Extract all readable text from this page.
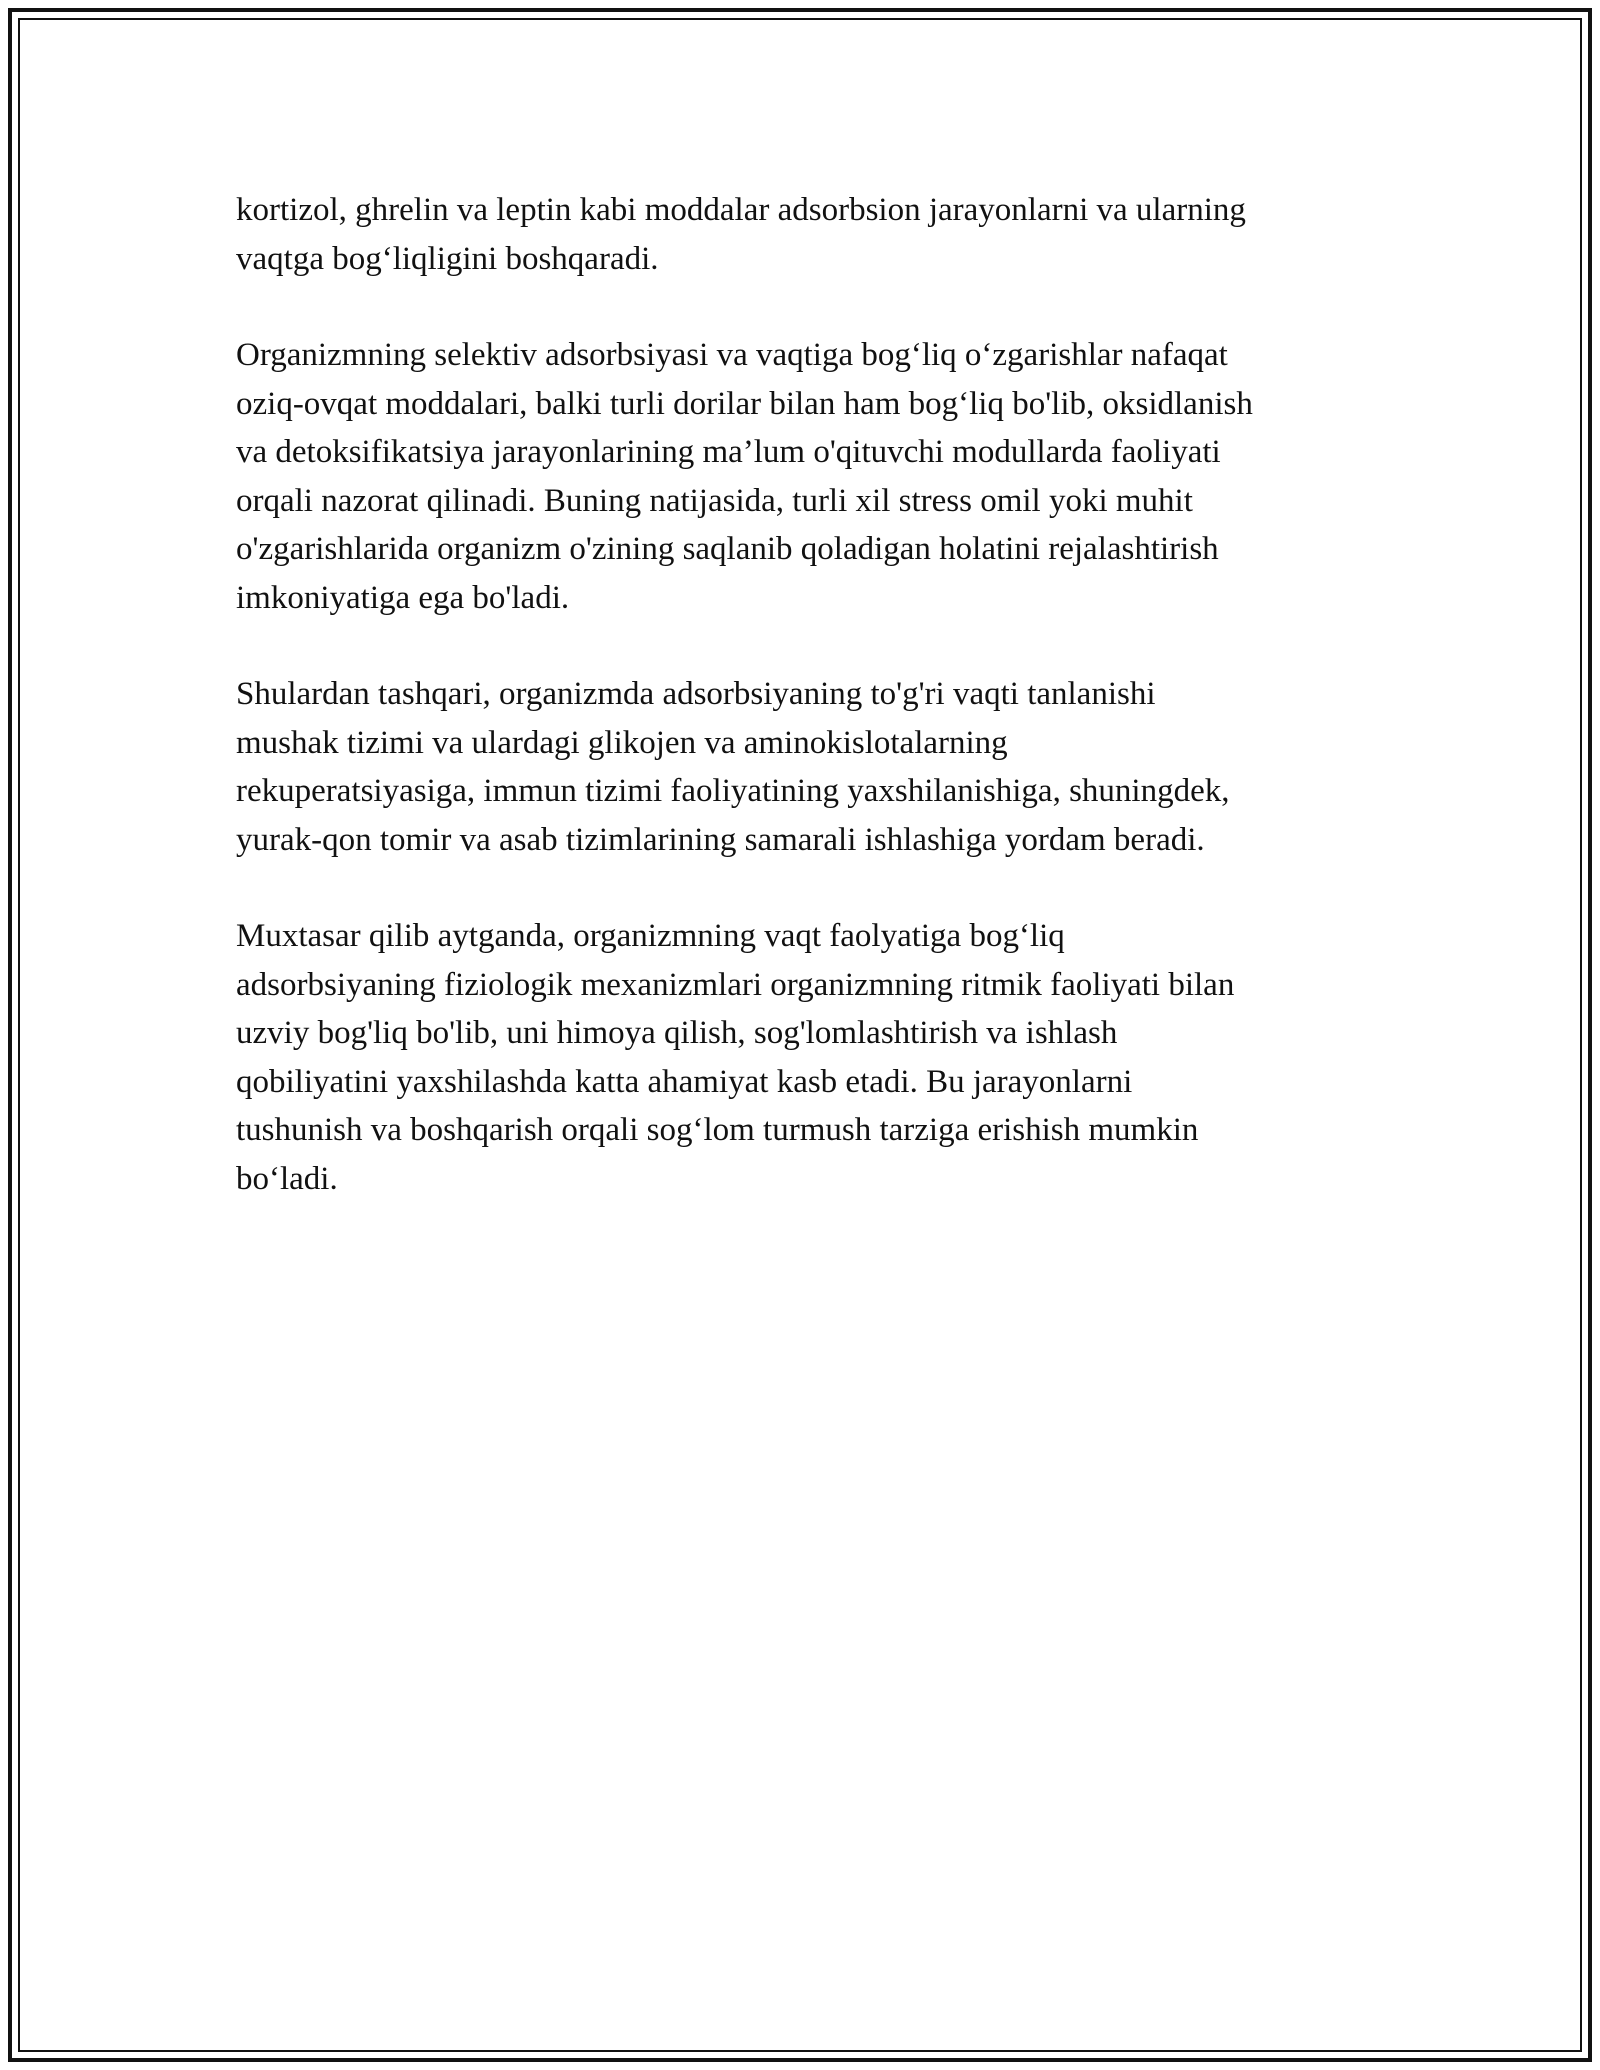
kortizol, ghrelin va leptin kabi moddalar adsorbsion jarayonlarni va ularning
vaqtga bog‘liqligini boshqaradi.

Organizmning selektiv adsorbsiyasi va vaqtiga bog‘liq o‘zgarishlar nafaqat
oziq-ovqat moddalari, balki turli dorilar bilan ham bog‘liq bo'lib, oksidlanish
va detoksifikatsiya jarayonlarining ma’lum o'qituvchi modullarda faoliyati
orqali nazorat qilinadi. Buning natijasida, turli xil stress omil yoki muhit
o'zgarishlarida organizm o'zining saqlanib qoladigan holatini rejalashtirish
imkoniyatiga ega bo'ladi.

Shulardan tashqari, organizmda adsorbsiyaning to'g'ri vaqti tanlanishi
mushak tizimi va ulardagi glikojen va aminokislotalarning
rekuperatsiyasiga, immun tizimi faoliyatining yaxshilanishiga, shuningdek,
yurak-qon tomir va asab tizimlarining samarali ishlashiga yordam beradi.

Muxtasar qilib aytganda, organizmning vaqt faolyatiga bog‘liq
adsorbsiyaning fiziologik mexanizmlari organizmning ritmik faoliyati bilan
uzviy bog'liq bo'lib, uni himoya qilish, sog'lomlashtirish va ishlash
qobiliyatini yaxshilashda katta ahamiyat kasb etadi. Bu jarayonlarni
tushunish va boshqarish orqali sog‘lom turmush tarziga erishish mumkin
bo‘ladi.
